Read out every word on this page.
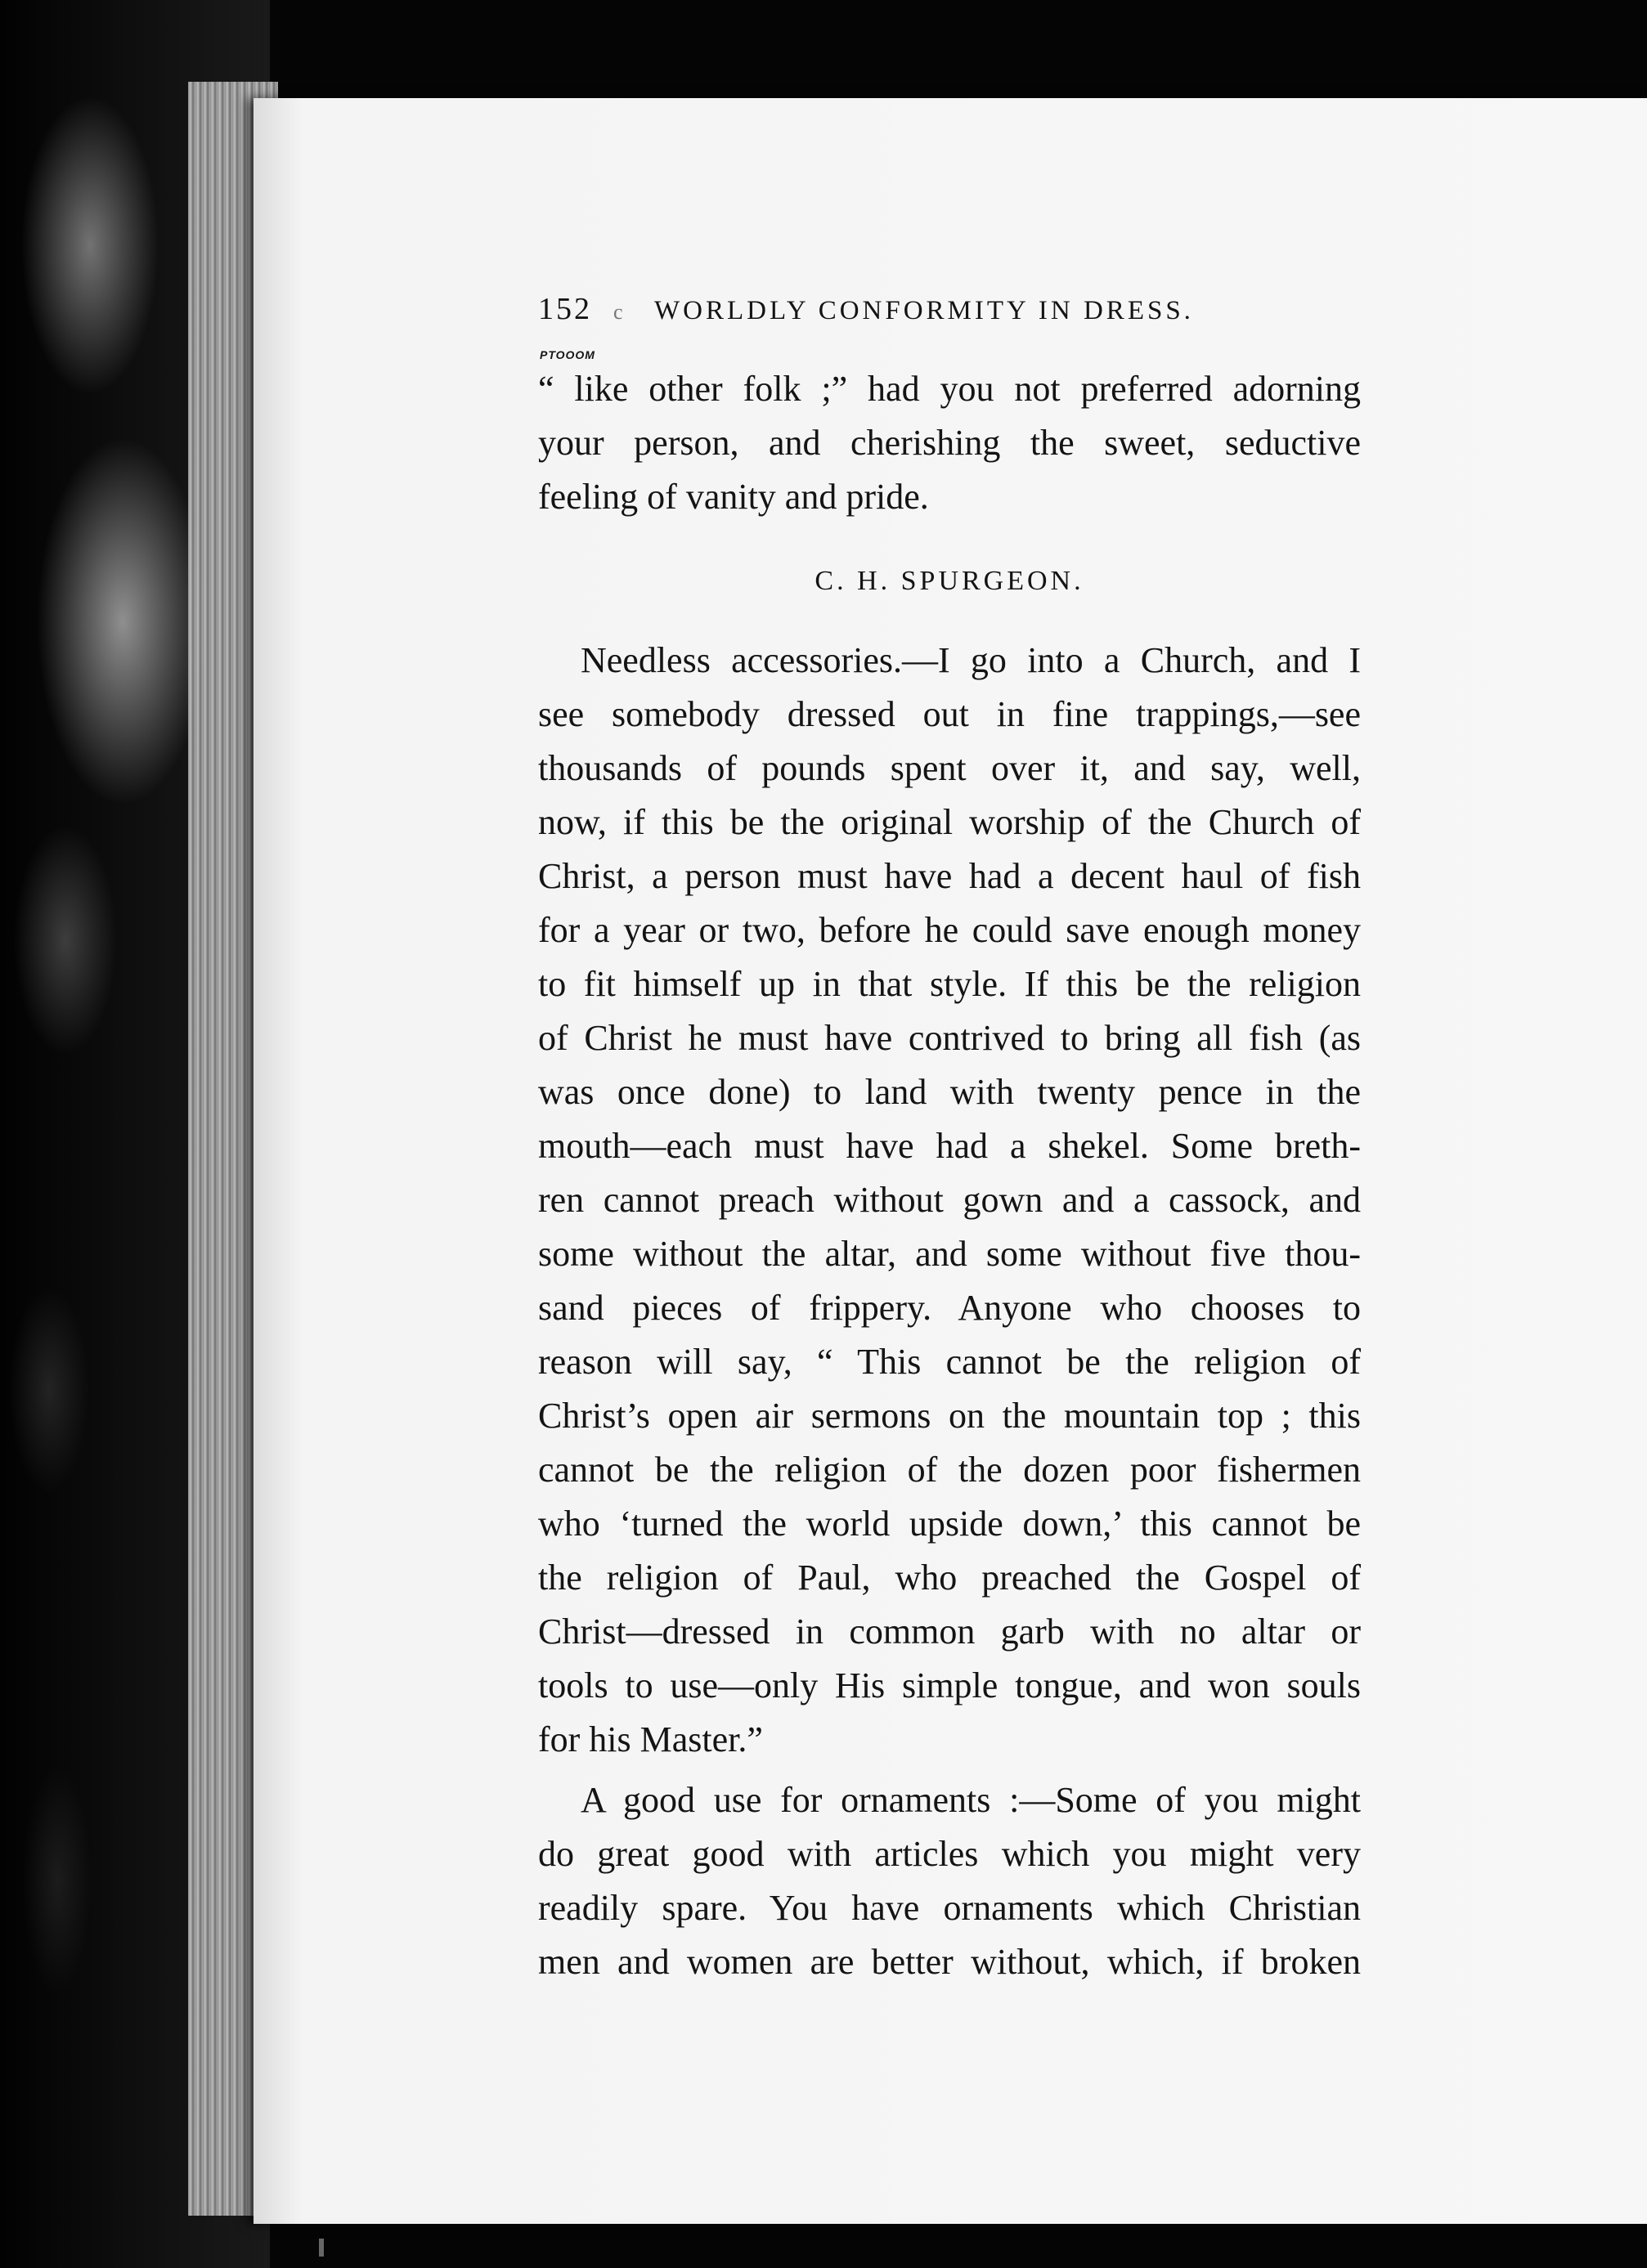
152 c WORLDLY CONFORMITY IN DRESS.
PTOOOM
“ like other folk ;” had you not preferred adorning
your person, and cherishing the sweet, seductive
feeling of vanity and pride.
C. H. SPURGEON.
Needless accessories.—I go into a Church, and I
see somebody dressed out in fine trappings,—see
thousands of pounds spent over it, and say, well,
now, if this be the original worship of the Church of
Christ, a person must have had a decent haul of fish
for a year or two, before he could save enough money
to fit himself up in that style. If this be the religion
of Christ he must have contrived to bring all fish (as
was once done) to land with twenty pence in the
mouth—each must have had a shekel. Some breth-
ren cannot preach without gown and a cassock, and
some without the altar, and some without five thou-
sand pieces of frippery. Anyone who chooses to
reason will say, “ This cannot be the religion of
Christ’s open air sermons on the mountain top ; this
cannot be the religion of the dozen poor fishermen
who ‘turned the world upside down,’ this cannot be
the religion of Paul, who preached the Gospel of
Christ—dressed in common garb with no altar or
tools to use—only His simple tongue, and won souls
for his Master.”
A good use for ornaments :—Some of you might
do great good with articles which you might very
readily spare. You have ornaments which Christian
men and women are better without, which, if broken
